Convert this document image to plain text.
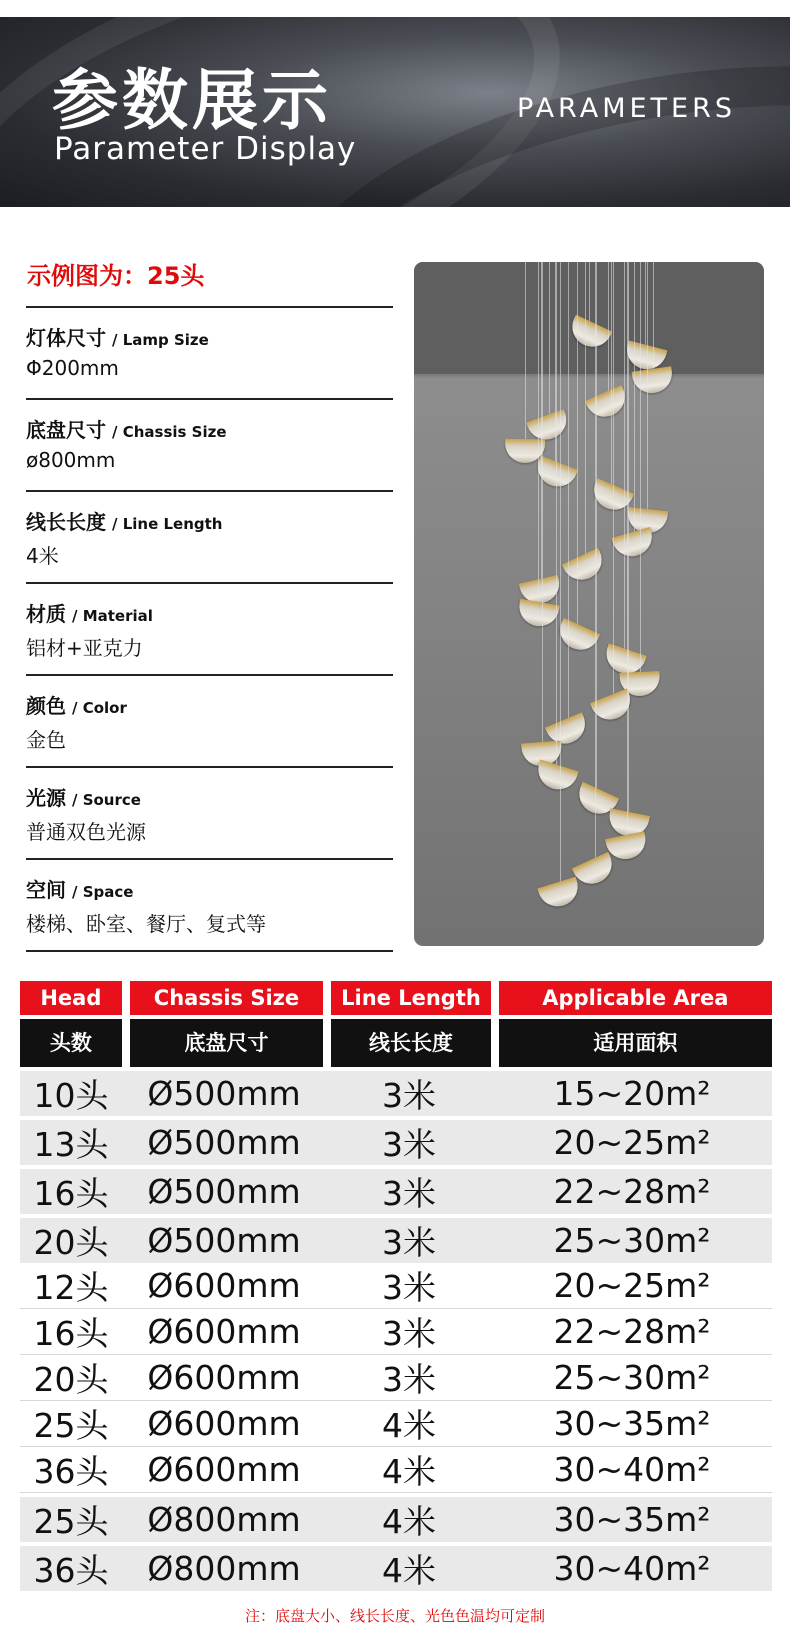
参数展示
Parameter Display
PARAMETERS
示例图为：25头
灯体尺寸 / Lamp Size
Φ200mm
底盘尺寸 / Chassis Size
ø800mm
线长长度 / Line Length
4米
材质 / Material
铝材+亚克力
颜色 / Color
金色
光源 / Source
普通双色光源
空间 / Space
楼梯、卧室、餐厅、复式等
Head	Chassis Size	Line Length	Applicable Area
头数	底盘尺寸	线长长度	适用面积
10头	Ø500mm	3米	15~20m²
13头	Ø500mm	3米	20~25m²
16头	Ø500mm	3米	22~28m²
20头	Ø500mm	3米	25~30m²
12头	Ø600mm	3米	20~25m²
16头	Ø600mm	3米	22~28m²
20头	Ø600mm	3米	25~30m²
25头	Ø600mm	4米	30~35m²
36头	Ø600mm	4米	30~40m²
25头	Ø800mm	4米	30~35m²
36头	Ø800mm	4米	30~40m²
注：底盘大小、线长长度、光色色温均可定制
